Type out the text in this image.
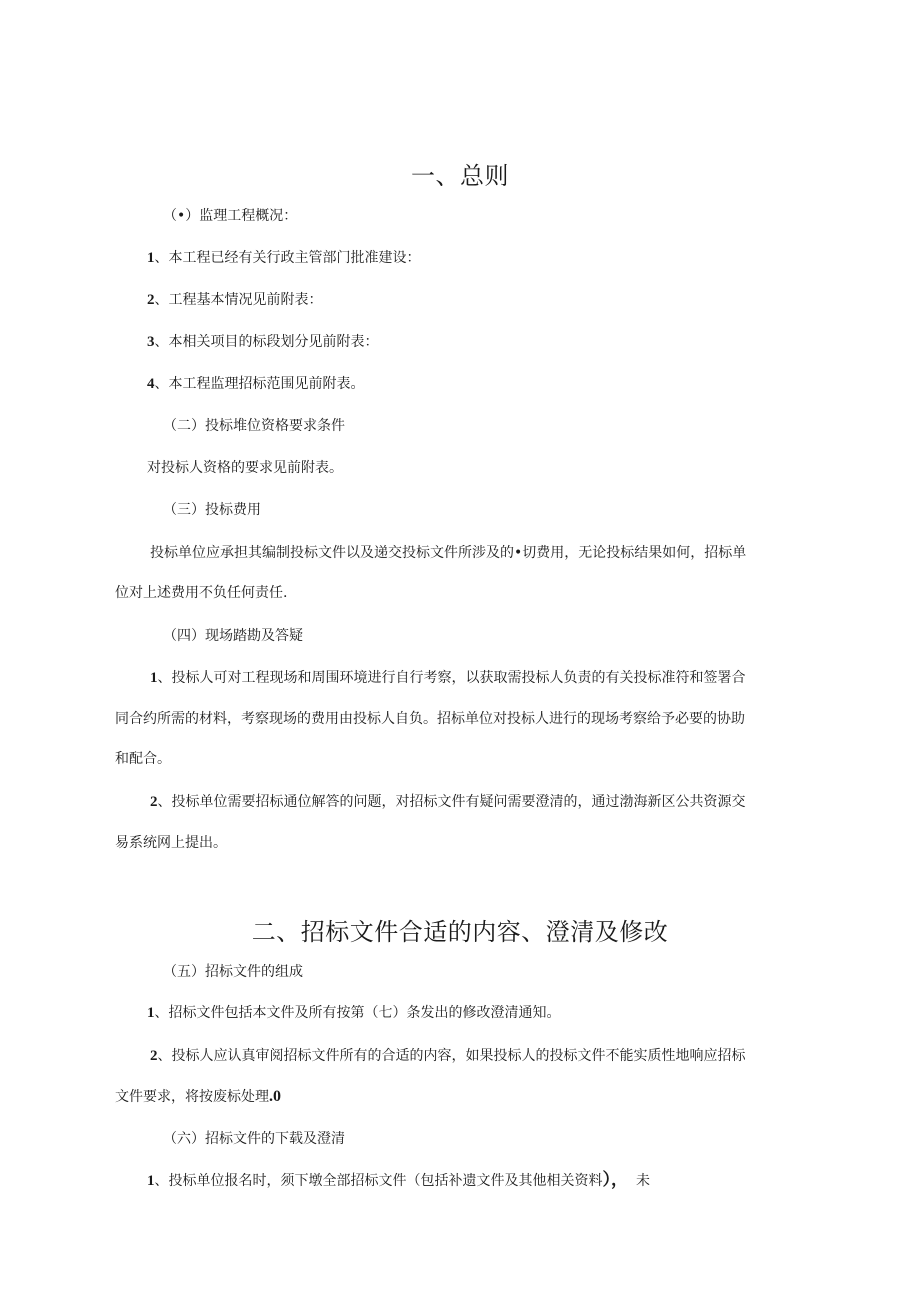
一、总则

（•）监理工程概况：

1、本工程已经有关行政主管部门批准建设：

2、工程基本情况见前附表：

3、本相关项目的标段划分见前附表：

4、本工程监理招标范围见前附表。

（二）投标堆位资格要求条件

对投标人资格的要求见前附表。

（三）投标费用

投标单位应承担其编制投标文件以及递交投标文件所涉及的•切费用，无论投标结果如何，招标单

位对上述费用不负任何责任.

（四）现场踏勘及答疑

1、投标人可对工程现场和周围环境进行自行考察，以获取需投标人负责的有关投标准符和签署合

同合约所需的材料，考察现场的费用由投标人自负。招标单位对投标人进行的现场考察给予必要的协助

和配合。

2、投标单位需要招标通位解答的问题，对招标文件有疑问需要澄清的，通过渤海新区公共资源交

易系统网上提出。

二、招标文件合适的内容、澄清及修改

（五）招标文件的组成

1、招标文件包括本文件及所有按第（七）条发出的修改澄清通知。

2、投标人应认真审阅招标文件所有的合适的内容，如果投标人的投标文件不能实质性地响应招标

文件要求，将按废标处理.0

（六）招标文件的下载及澄清

1、投标单位报名时，须下墩全部招标文件（包括补遗文件及其他相关资料）， 未
